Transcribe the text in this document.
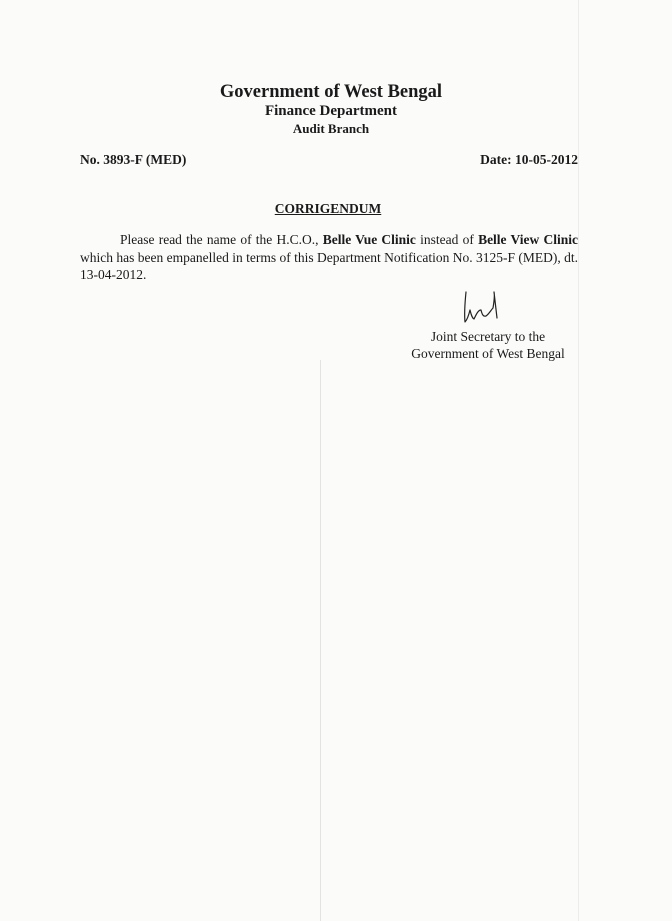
Government of West Bengal
Finance Department
Audit Branch
No. 3893-F (MED)	Date: 10-05-2012
CORRIGENDUM

Please read the name of the H.C.O., Belle Vue Clinic instead of Belle View Clinic which has been empanelled in terms of this Department Notification No. 3125-F (MED), dt. 13-04-2012.

Joint Secretary to the
Government of West Bengal
